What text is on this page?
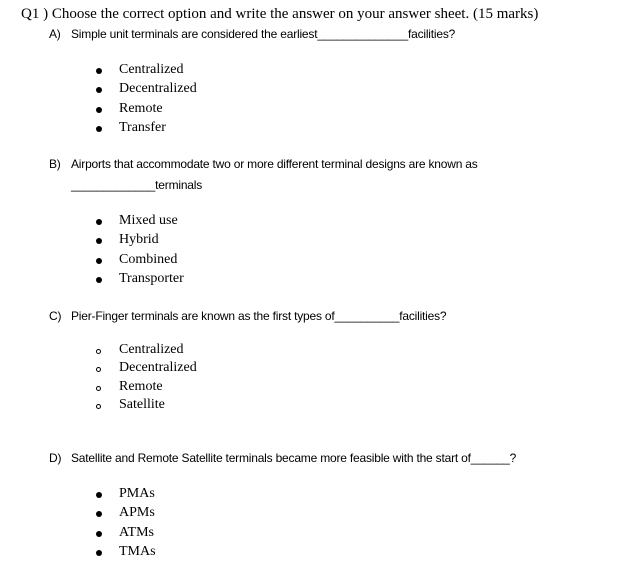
Q1 ) Choose the correct option and write the answer on your answer sheet. (15 marks)
A) Simple unit terminals are considered the earliest______________facilities?
Centralized
Decentralized
Remote
Transfer
B) Airports that accommodate two or more different terminal designs are known as
_____________terminals
Mixed use
Hybrid
Combined
Transporter
C) Pier-Finger terminals are known as the first types of__________facilities?
Centralized
Decentralized
Remote
Satellite
D) Satellite and Remote Satellite terminals became more feasible with the start of______?
PMAs
APMs
ATMs
TMAs
